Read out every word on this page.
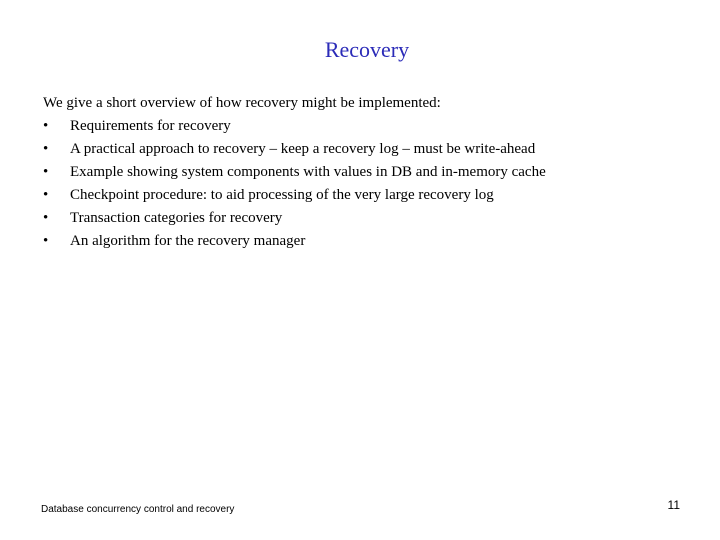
Recovery
We give a short overview of how recovery might be implemented:
•	Requirements for recovery
•	A practical approach to recovery – keep a recovery log – must be write-ahead
•	Example showing system components with values in DB and in-memory cache
•	Checkpoint procedure: to aid processing of the very large recovery log
•	Transaction categories for recovery
•	An algorithm for the recovery manager
Database concurrency control and recovery	11
